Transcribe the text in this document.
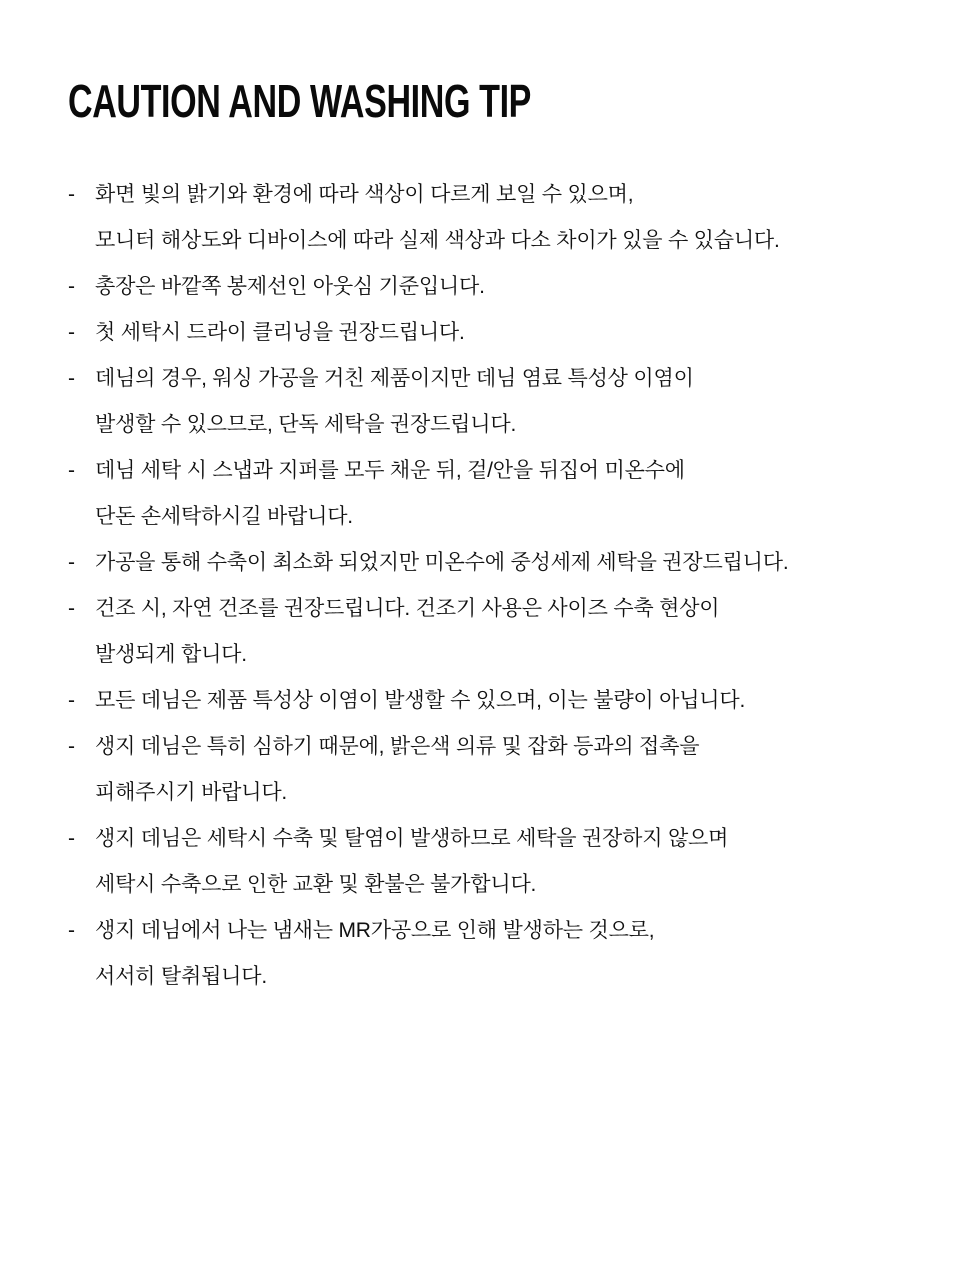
CAUTION AND WASHING TIP
- 화면 빛의 밝기와 환경에 따라 색상이 다르게 보일 수 있으며,
모니터 해상도와 디바이스에 따라 실제 색상과 다소 차이가 있을 수 있습니다.
- 총장은 바깥쪽 봉제선인 아웃심 기준입니다.
- 첫 세탁시 드라이 클리닝을 권장드립니다.
- 데님의 경우, 워싱 가공을 거친 제품이지만 데님 염료 특성상 이염이
발생할 수 있으므로, 단독 세탁을 권장드립니다.
- 데님 세탁 시 스냅과 지퍼를 모두 채운 뒤, 겉/안을 뒤집어 미온수에
단돈 손세탁하시길 바랍니다.
- 가공을 통해 수축이 최소화 되었지만 미온수에 중성세제 세탁을 권장드립니다.
- 건조 시, 자연 건조를 권장드립니다. 건조기 사용은 사이즈 수축 현상이
발생되게 합니다.
- 모든 데님은 제품 특성상 이염이 발생할 수 있으며, 이는 불량이 아닙니다.
- 생지 데님은 특히 심하기 때문에, 밝은색 의류 및 잡화 등과의 접촉을
피해주시기 바랍니다.
- 생지 데님은 세탁시 수축 및 탈염이 발생하므로 세탁을 권장하지 않으며
세탁시 수축으로 인한 교환 및 환불은 불가합니다.
- 생지 데님에서 나는 냄새는 MR가공으로 인해 발생하는 것으로,
서서히 탈취됩니다.
